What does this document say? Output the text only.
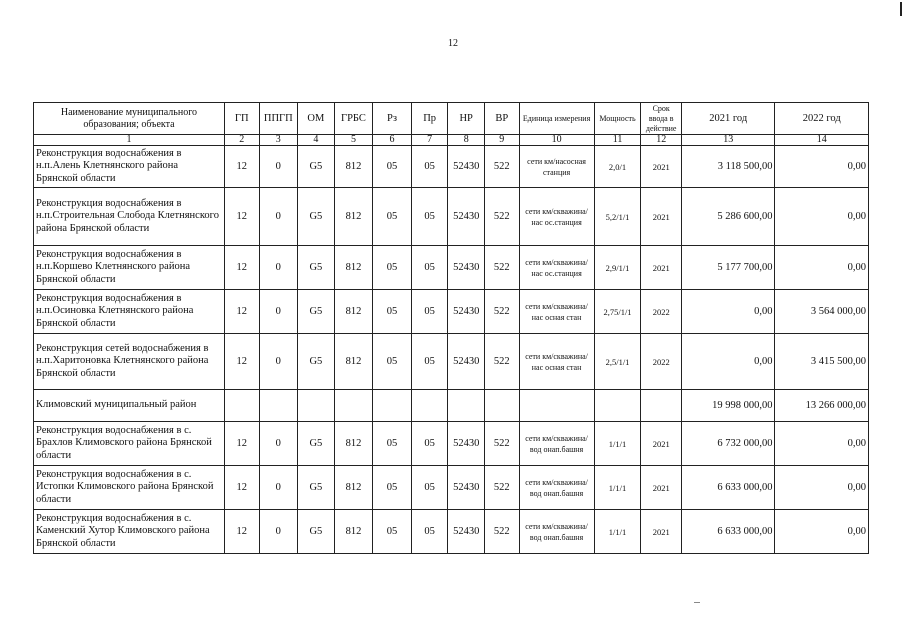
12
Наименование муниципального образования; объекта	ГП	ППГП	ОМ	ГРБС	Рз	Пр	НР	ВР	Единица измерения	Мощность	Срок ввода в действие	2021 год	2022 год
1	2	3	4	5	6	7	8	9	10	11	12	13	14
Реконструкция водоснабжения в н.п.Алень Клетнянского района Брянской области	12	0	G5	812	05	05	52430	522	сети км/насосная станция	2,0/1	2021	3 118 500,00	0,00
Реконструкция водоснабжения в н.п.Строительная Слобода Клетнянского района Брянской области	12	0	G5	812	05	05	52430	522	сети км/скважина/нас ос.станция	5,2/1/1	2021	5 286 600,00	0,00
Реконструкция водоснабжения в н.п.Коршево Клетнянского района Брянской области	12	0	G5	812	05	05	52430	522	сети км/скважина/нас ос.станция	2,9/1/1	2021	5 177 700,00	0,00
Реконструкция водоснабжения в н.п.Осиновка Клетнянского района Брянской области	12	0	G5	812	05	05	52430	522	сети км/скважина/нас осная стан	2,75/1/1	2022	0,00	3 564 000,00
Реконструкция сетей водоснабжения в н.п.Харитоновка Клетнянского района Брянской области	12	0	G5	812	05	05	52430	522	сети км/скважина/нас осная стан	2,5/1/1	2022	0,00	3 415 500,00
Климовский муниципальный район												19 998 000,00	13 266 000,00
Реконструкция водоснабжения в с. Брахлов Климовского района Брянской области	12	0	G5	812	05	05	52430	522	сети км/скважина/вод онап.башня	1/1/1	2021	6 732 000,00	0,00
Реконструкция водоснабжения в с. Истопки Климовского района Брянской области	12	0	G5	812	05	05	52430	522	сети км/скважина/вод онап.башня	1/1/1	2021	6 633 000,00	0,00
Реконструкция водоснабжения в с. Каменский Хутор Климовского района Брянской области	12	0	G5	812	05	05	52430	522	сети км/скважина/вод онап.башня	1/1/1	2021	6 633 000,00	0,00
